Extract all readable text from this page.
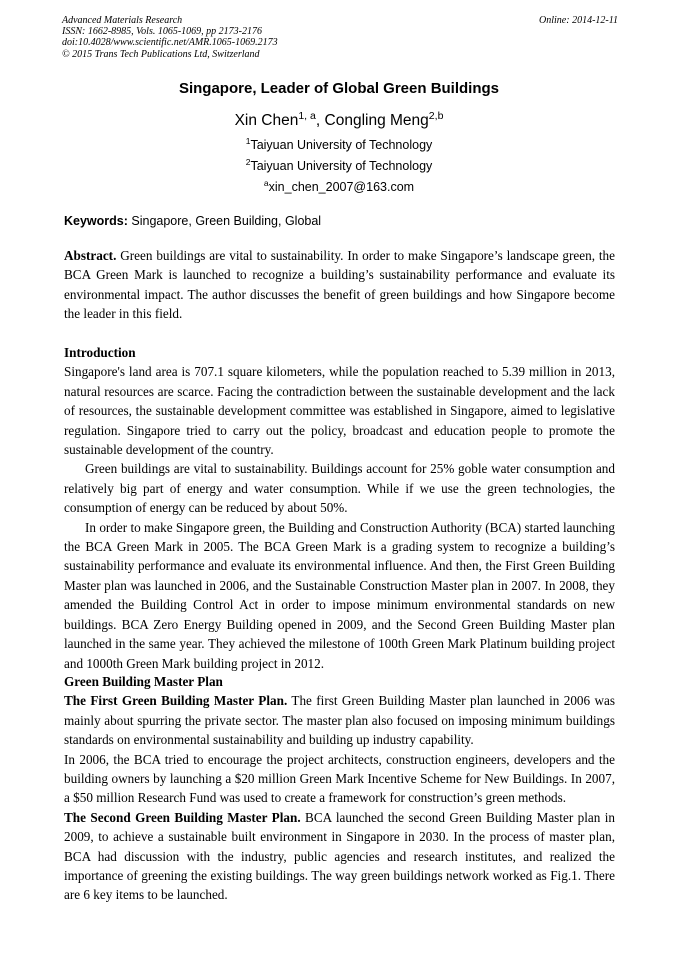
Advanced Materials Research
ISSN: 1662-8985, Vols. 1065-1069, pp 2173-2176
doi:10.4028/www.scientific.net/AMR.1065-1069.2173
© 2015 Trans Tech Publications Ltd, Switzerland
Online: 2014-12-11
Singapore, Leader of Global Green Buildings
Xin Chen$^{1, a}$, Congling Meng$^{2,b}$
$^1$Taiyuan University of Technology
$^2$Taiyuan University of Technology
$^a$xin_chen_2007@163.com
Keywords: Singapore, Green Building, Global
Abstract. Green buildings are vital to sustainability. In order to make Singapore’s landscape green, the BCA Green Mark is launched to recognize a building’s sustainability performance and evaluate its environmental impact. The author discusses the benefit of green buildings and how Singapore become the leader in this field.
Introduction
Singapore's land area is 707.1 square kilometers, while the population reached to 5.39 million in 2013, natural resources are scarce. Facing the contradiction between the sustainable development and the lack of resources, the sustainable development committee was established in Singapore, aimed to legislative regulation. Singapore tried to carry out the policy, broadcast and education people to promote the sustainable development of the country.
Green buildings are vital to sustainability. Buildings account for 25% goble water consumption and relatively big part of energy and water consumption. While if we use the green technologies, the consumption of energy can be reduced by about 50%.
In order to make Singapore green, the Building and Construction Authority (BCA) started launching the BCA Green Mark in 2005. The BCA Green Mark is a grading system to recognize a building’s sustainability performance and evaluate its environmental influence. And then, the First Green Building Master plan was launched in 2006, and the Sustainable Construction Master plan in 2007. In 2008, they amended the Building Control Act in order to impose minimum environmental standards on new buildings. BCA Zero Energy Building opened in 2009, and the Second Green Building Master plan launched in the same year. They achieved the milestone of 100th Green Mark Platinum building project and 1000th Green Mark building project in 2012.
Green Building Master Plan
The First Green Building Master Plan. The first Green Building Master plan launched in 2006 was mainly about spurring the private sector. The master plan also focused on imposing minimum buildings standards on environmental sustainability and building up industry capability.
In 2006, the BCA tried to encourage the project architects, construction engineers, developers and the building owners by launching a $20 million Green Mark Incentive Scheme for New Buildings. In 2007, a $50 million Research Fund was used to create a framework for construction’s green methods.
The Second Green Building Master Plan. BCA launched the second Green Building Master plan in 2009, to achieve a sustainable built environment in Singapore in 2030. In the process of master plan, BCA had discussion with the industry, public agencies and research institutes, and realized the importance of greening the existing buildings. The way green buildings network worked as Fig.1. There are 6 key items to be launched.
